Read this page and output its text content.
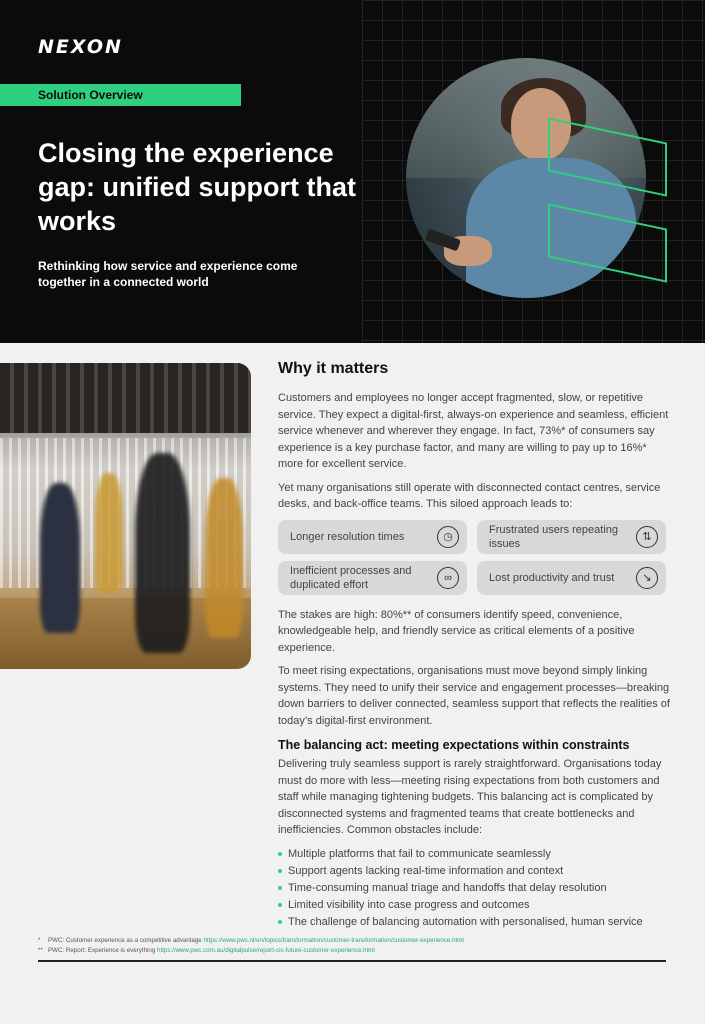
NEXON
Solution Overview
Closing the experience gap: unified support that works

Rethinking how service and experience come together in a connected world

Why it matters

Customers and employees no longer accept fragmented, slow, or repetitive service. They expect a digital-first, always-on experience and seamless, efficient service whenever and wherever they engage. In fact, 73%* of consumers say experience is a key purchase factor, and many are willing to pay up to 16%* more for excellent service.

Yet many organisations still operate with disconnected contact centres, service desks, and back-office teams. This siloed approach leads to:

Longer resolution times	◷
Frustrated users repeating issues
⇅
Inefficient processes and duplicated effort
∞	Lost productivity and trust	↘

The stakes are high: 80%** of consumers identify speed, convenience, knowledgeable help, and friendly service as critical elements of a positive experience.

To meet rising expectations, organisations must move beyond simply linking systems. They need to unify their service and engagement processes—breaking down barriers to deliver connected, seamless support that reflects the realities of today’s digital-first environment.

The balancing act: meeting expectations within constraints

Delivering truly seamless support is rarely straightforward. Organisations today must do more with less—meeting rising expectations from both customers and staff while managing tightening budgets. This balancing act is complicated by disconnected systems and fragmented teams that create bottlenecks and inefficiencies. Common obstacles include:

Multiple platforms that fail to communicate seamlessly
Support agents lacking real-time information and context
Time-consuming manual triage and handoffs that delay resolution
Limited visibility into case progress and outcomes
The challenge of balancing automation with personalised, human service
* PWC: Customer experience as a competitive advantage https://www.pwc.nl/en/topics/transformation/customer-transformation/customer-experience.html
** PWC: Report: Experience is everything https://www.pwc.com.au/digitalpulse/report-cis-future-customer-experience.html
